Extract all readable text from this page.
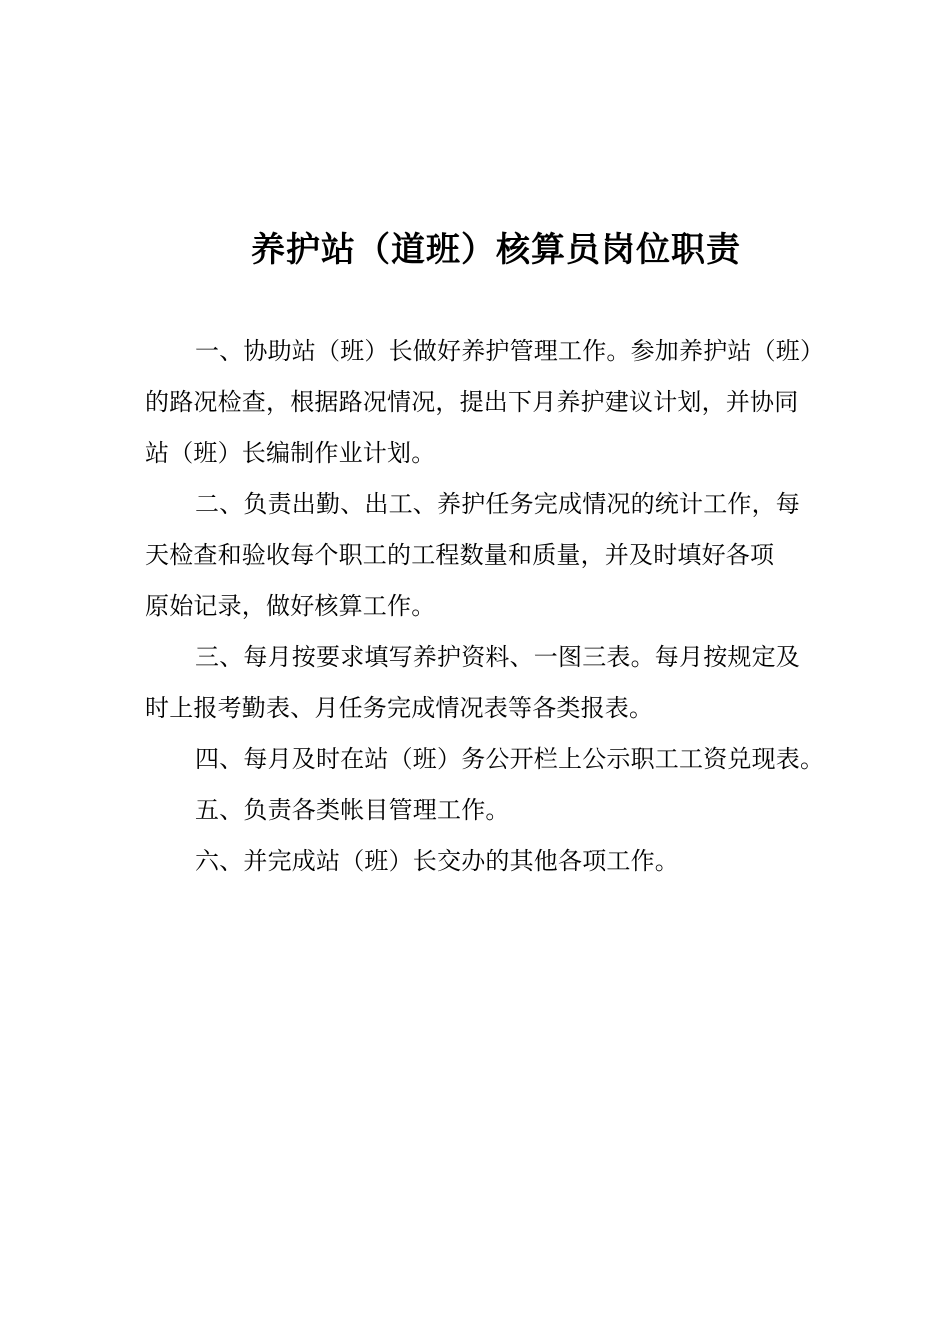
养护站（道班）核算员岗位职责

一、协助站（班）长做好养护管理工作。参加养护站（班）
的路况检查，根据路况情况，提出下月养护建议计划，并协同
站（班）长编制作业计划。

二、负责出勤、出工、养护任务完成情况的统计工作，每
天检查和验收每个职工的工程数量和质量，并及时填好各项
原始记录，做好核算工作。

三、每月按要求填写养护资料、一图三表。每月按规定及
时上报考勤表、月任务完成情况表等各类报表。

四、每月及时在站（班）务公开栏上公示职工工资兑现表。

五、负责各类帐目管理工作。

六、并完成站（班）长交办的其他各项工作。
